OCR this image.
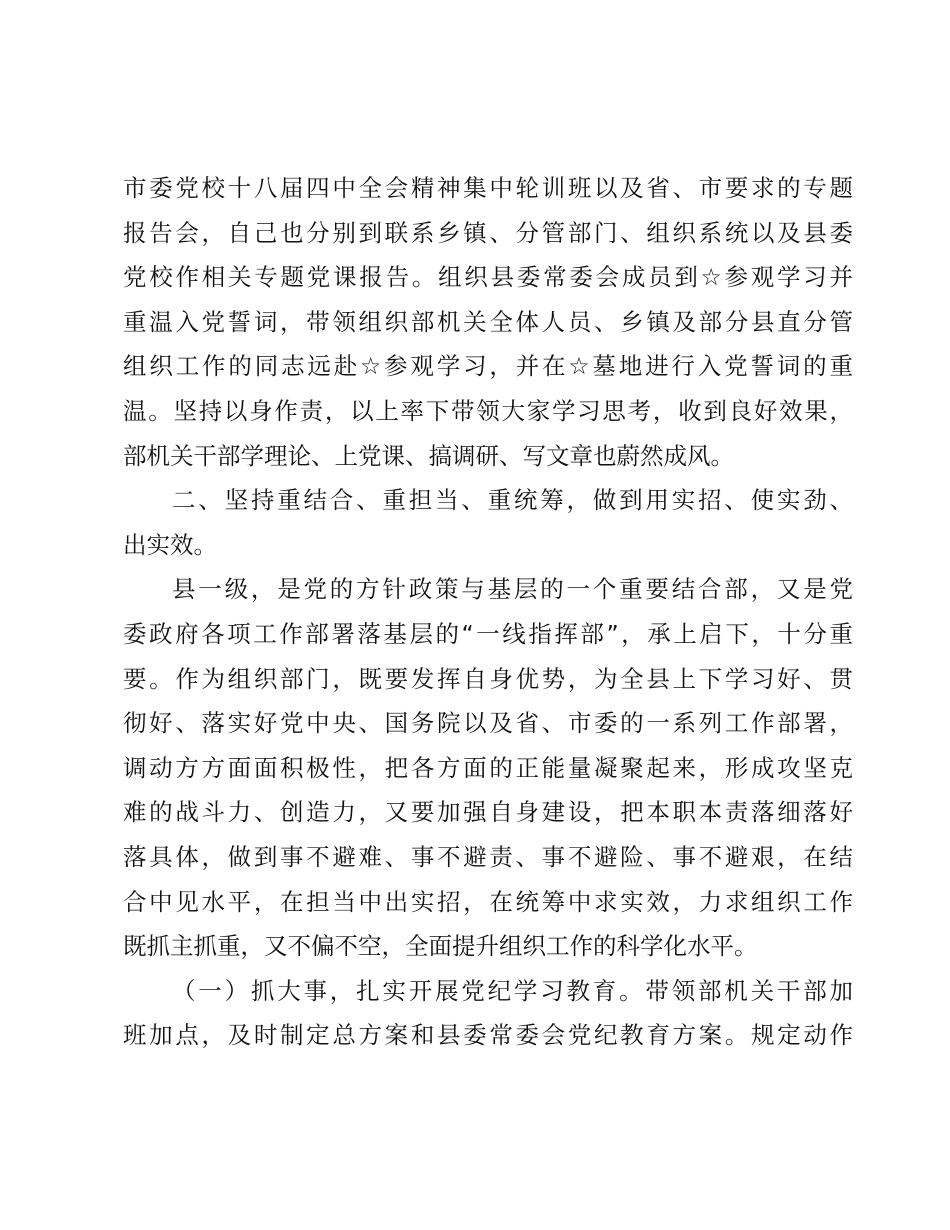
市委党校十八届四中全会精神集中轮训班以及省、市要求的专题
报告会，自己也分别到联系乡镇、分管部门、组织系统以及县委
党校作相关专题党课报告。组织县委常委会成员到☆参观学习并
重温入党誓词，带领组织部机关全体人员、乡镇及部分县直分管
组织工作的同志远赴☆参观学习，并在☆墓地进行入党誓词的重
温。坚持以身作责，以上率下带领大家学习思考，收到良好效果，
部机关干部学理论、上党课、搞调研、写文章也蔚然成风。
二、坚持重结合、重担当、重统筹，做到用实招、使实劲、
出实效。
县一级，是党的方针政策与基层的一个重要结合部，又是党
委政府各项工作部署落基层的“一线指挥部”，承上启下，十分重
要。作为组织部门，既要发挥自身优势，为全县上下学习好、贯
彻好、落实好党中央、国务院以及省、市委的一系列工作部署，
调动方方面面积极性，把各方面的正能量凝聚起来，形成攻坚克
难的战斗力、创造力，又要加强自身建设，把本职本责落细落好
落具体，做到事不避难、事不避责、事不避险、事不避艰，在结
合中见水平，在担当中出实招，在统筹中求实效，力求组织工作
既抓主抓重，又不偏不空，全面提升组织工作的科学化水平。
（一）抓大事，扎实开展党纪学习教育。带领部机关干部加
班加点，及时制定总方案和县委常委会党纪教育方案。规定动作
